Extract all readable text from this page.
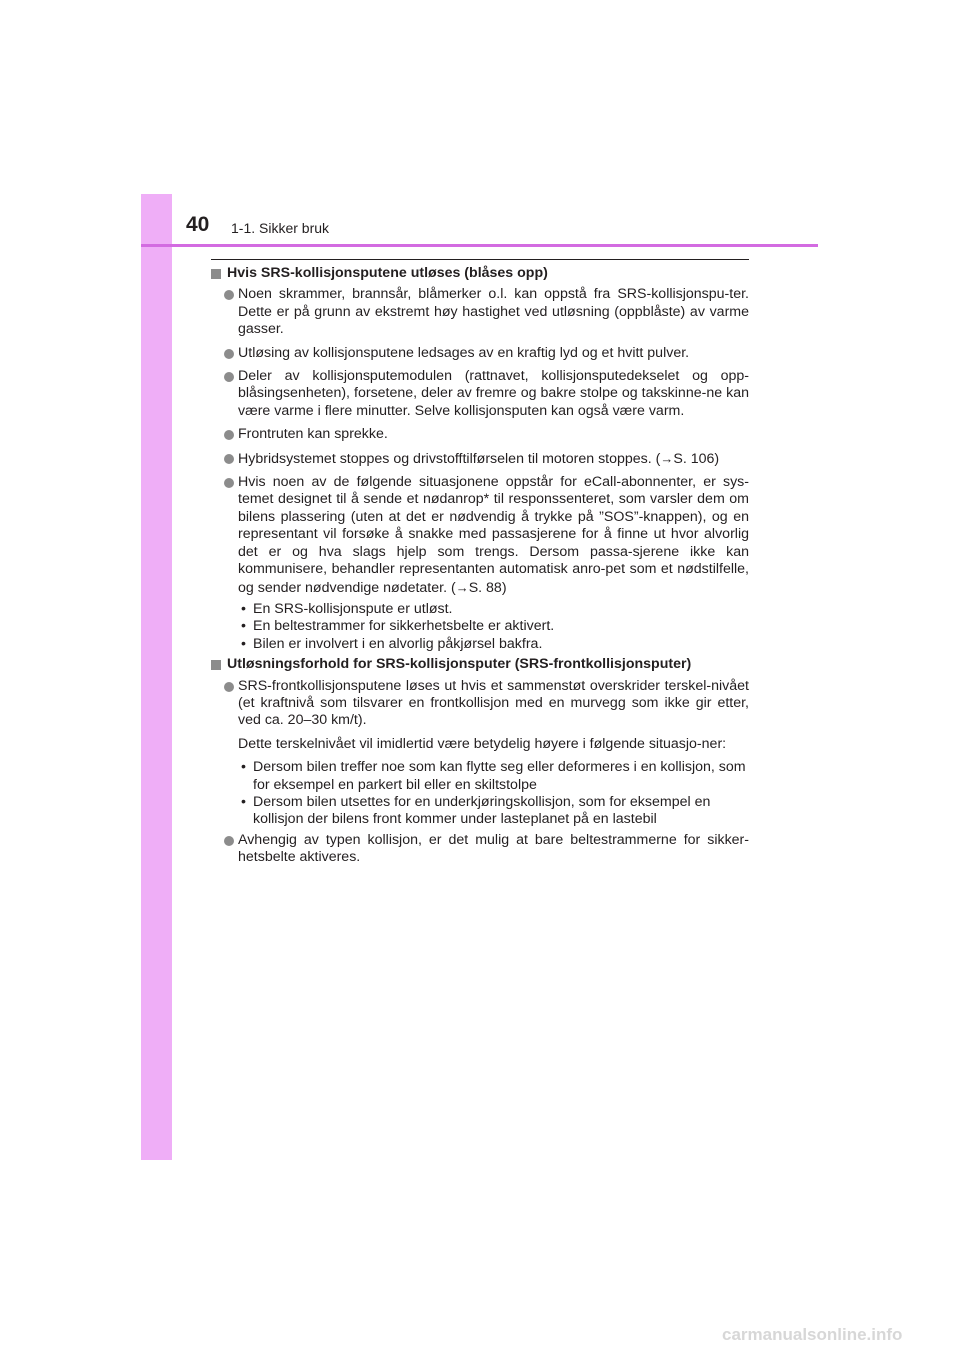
40 1-1. Sikker bruk
Hvis SRS-kollisjonsputene utløses (blåses opp)
Noen skrammer, brannsår, blåmerker o.l. kan oppstå fra SRS-kollisjonspu-ter. Dette er på grunn av ekstremt høy hastighet ved utløsning (oppblåste) av varme gasser.
Utløsing av kollisjonsputene ledsages av en kraftig lyd og et hvitt pulver.
Deler av kollisjonsputemodulen (rattnavet, kollisjonsputedekselet og opp-blåsingsenheten), forsetene, deler av fremre og bakre stolpe og takskinne-ne kan være varme i flere minutter. Selve kollisjonsputen kan også være varm.
Frontruten kan sprekke.
Hybridsystemet stoppes og drivstofftilførselen til motoren stoppes. (→S. 106)
Hvis noen av de følgende situasjonene oppstår for eCall-abonnenter, er sys-temet designet til å sende et nødanrop* til responssenteret, som varsler dem om bilens plassering (uten at det er nødvendig å trykke på ”SOS”-knappen), og en representant vil forsøke å snakke med passasjerene for å finne ut hvor alvorlig det er og hva slags hjelp som trengs. Dersom passa-sjerene ikke kan kommunisere, behandler representanten automatisk anro-pet som et nødstilfelle, og sender nødvendige nødetater. (→S. 88)
• En SRS-kollisjonspute er utløst.
• En beltestrammer for sikkerhetsbelte er aktivert.
• Bilen er involvert i en alvorlig påkjørsel bakfra.
Utløsningsforhold for SRS-kollisjonsputer (SRS-frontkollisjonsputer)
SRS-frontkollisjonsputene løses ut hvis et sammenstøt overskrider terskel-nivået (et kraftnivå som tilsvarer en frontkollisjon med en murvegg som ikke gir etter, ved ca. 20–30 km/t).
Dette terskelnivået vil imidlertid være betydelig høyere i følgende situasjo-ner:
• Dersom bilen treffer noe som kan flytte seg eller deformeres i en kollisjon, som for eksempel en parkert bil eller en skiltstolpe
• Dersom bilen utsettes for en underkjøringskollisjon, som for eksempel en kollisjon der bilens front kommer under lasteplanet på en lastebil
Avhengig av typen kollisjon, er det mulig at bare beltestrammerne for sikker-hetsbelte aktiveres.
carmanualsonline.info
